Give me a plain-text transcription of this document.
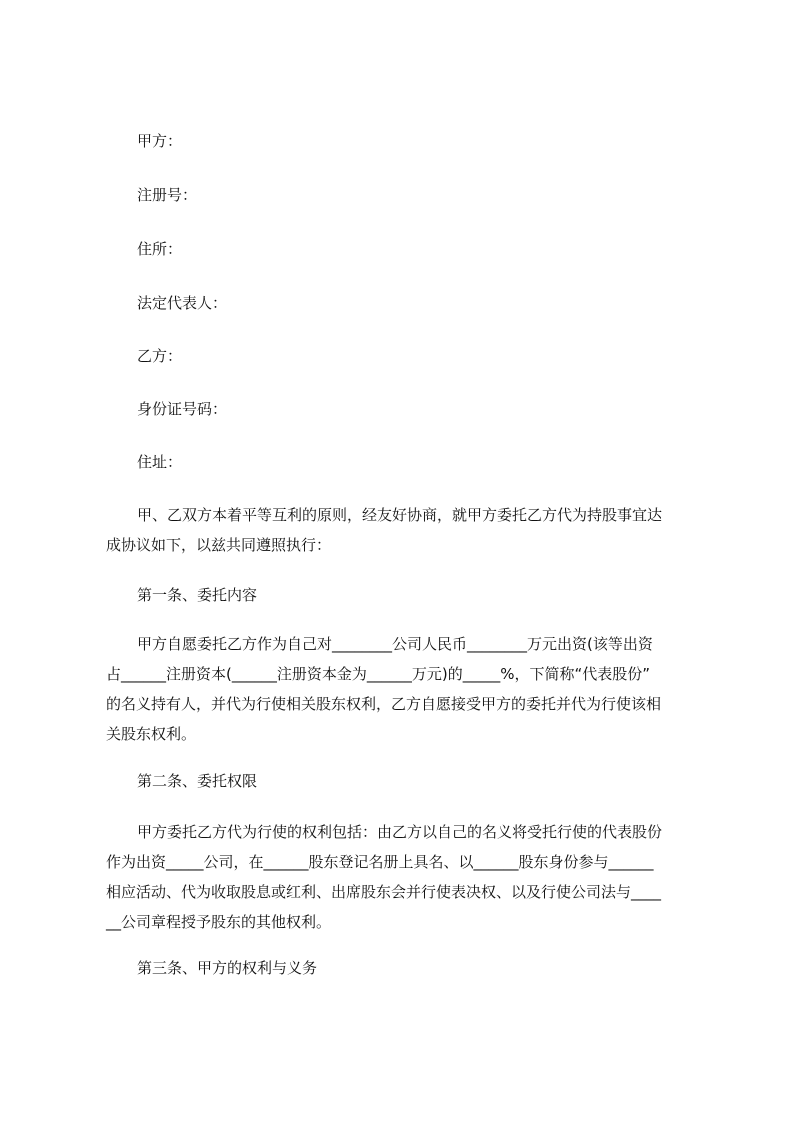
甲方：
注册号：
住所：
法定代表人：
乙方：
身份证号码：
住址：
甲、乙双方本着平等互利的原则，经友好协商，就甲方委托乙方代为持股事宜达
成协议如下，以兹共同遵照执行：
第一条、委托内容
甲方自愿委托乙方作为自己对________公司人民币________万元出资(该等出资
占______注册资本(______注册资本金为______万元)的_____%，下简称“代表股份”
的名义持有人，并代为行使相关股东权利，乙方自愿接受甲方的委托并代为行使该相
关股东权利。
第二条、委托权限
甲方委托乙方代为行使的权利包括：由乙方以自己的名义将受托行使的代表股份
作为出资_____公司，在______股东登记名册上具名、以______股东身份参与______
相应活动、代为收取股息或红利、出席股东会并行使表决权、以及行使公司法与____
__公司章程授予股东的其他权利。
第三条、甲方的权利与义务
